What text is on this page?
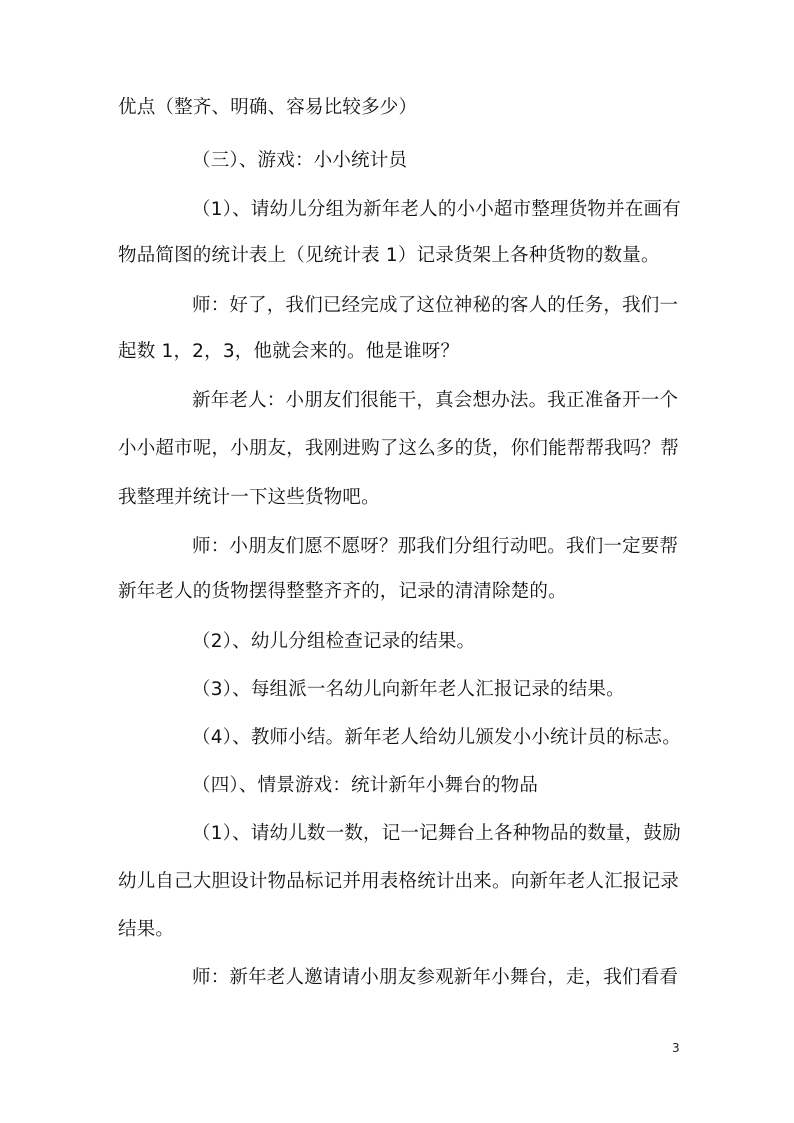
优点（整齐、明确、容易比较多少）
（三）、游戏：小小统计员
（1）、请幼儿分组为新年老人的小小超市整理货物并在画有
物品简图的统计表上（见统计表 1）记录货架上各种货物的数量。
师：好了，我们已经完成了这位神秘的客人的任务，我们一
起数 1，2，3，他就会来的。他是谁呀？
新年老人：小朋友们很能干，真会想办法。我正准备开一个
小小超市呢，小朋友，我刚进购了这么多的货，你们能帮帮我吗？帮
我整理并统计一下这些货物吧。
师：小朋友们愿不愿呀？那我们分组行动吧。我们一定要帮
新年老人的货物摆得整整齐齐的，记录的清清除楚的。
（2）、幼儿分组检查记录的结果。
（3）、每组派一名幼儿向新年老人汇报记录的结果。
（4）、教师小结。新年老人给幼儿颁发小小统计员的标志。
（四）、情景游戏：统计新年小舞台的物品
（1）、请幼儿数一数，记一记舞台上各种物品的数量，鼓励
幼儿自己大胆设计物品标记并用表格统计出来。向新年老人汇报记录
结果。
师：新年老人邀请请小朋友参观新年小舞台，走，我们看看
3
